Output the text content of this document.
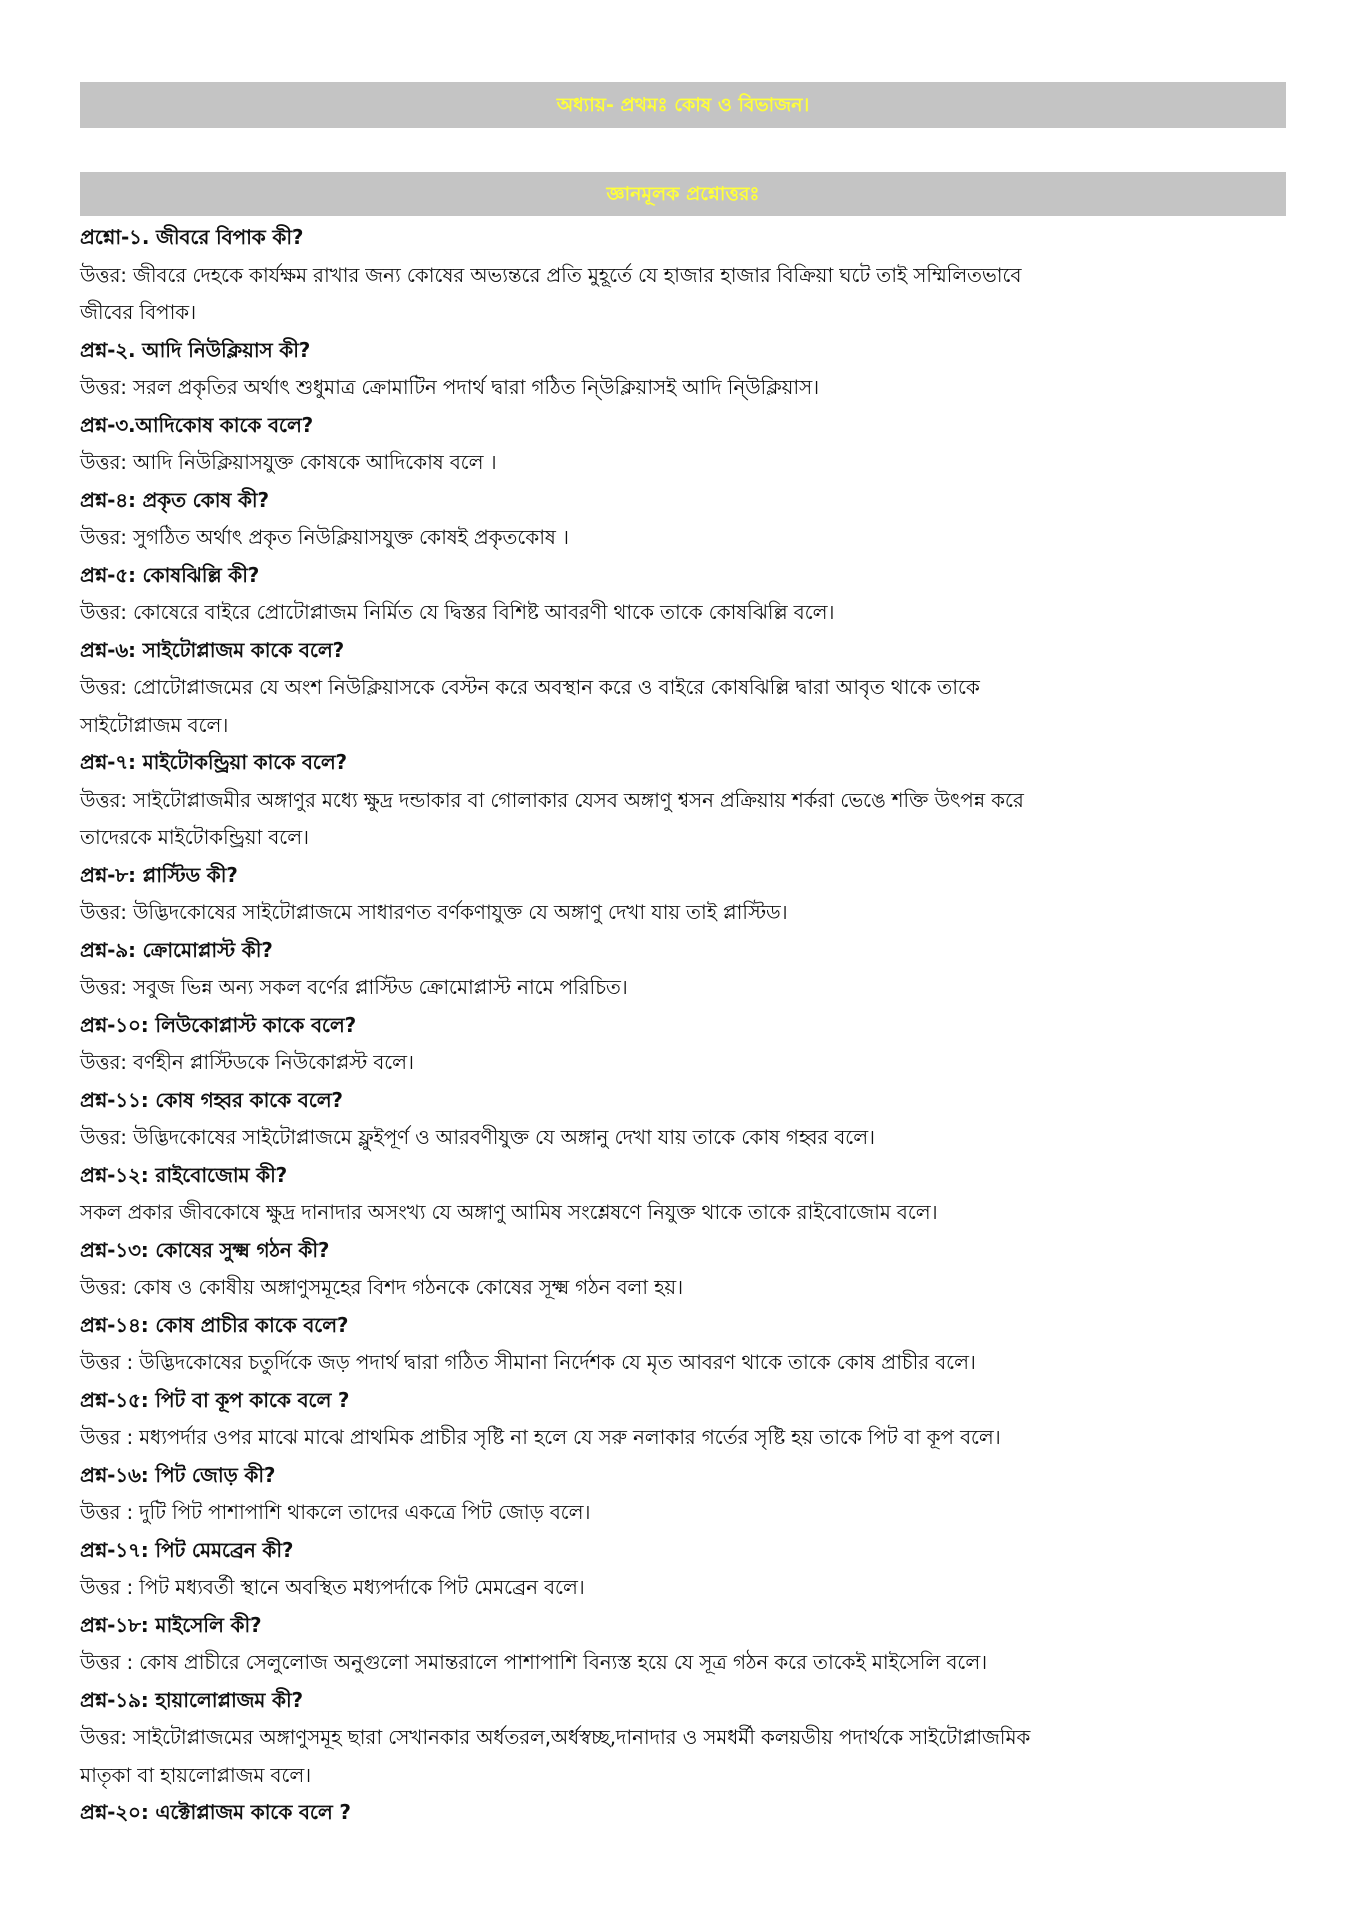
অধ্যায়- প্রথমঃ কোষ ও বিভাজন।
জ্ঞানমূলক প্রশ্নোত্তরঃ
প্রশ্নো-১. জীবরে বিপাক কী?
উত্তর: জীবরে দেহকে কার্যক্ষম রাখার জন্য কোষের অভ্যন্তরে প্রতি মুহূর্তে যে হাজার হাজার বিক্রিয়া ঘটে তাই সম্মিলিতভাবে
জীবের বিপাক।
প্রশ্ন-২. আদি নিউক্লিয়াস কী?
উত্তর: সরল প্রকৃতির অর্থাৎ শুধুমাত্র ক্রোমাটিন পদার্থ দ্বারা গঠিত নি্উক্লিয়াসই আদি নি্উক্লিয়াস।
প্রশ্ন-৩.আদিকোষ কাকে বলে?
উত্তর: আদি নিউক্লিয়াসযুক্ত কোষকে আদিকোষ বলে ।
প্রশ্ন-৪: প্রকৃত কোষ কী?
উত্তর: সুগঠিত অর্থাৎ প্রকৃত নিউক্লিয়াসযুক্ত কোষই প্রকৃতকোষ ।
প্রশ্ন-৫: কোষঝিল্লি কী?
উত্তর: কোষেরে বাইরে প্রোটোপ্লাজম নির্মিত যে দ্বিস্তর বিশিষ্ট আবরণী থাকে তাকে কোষঝিল্লি বলে।
প্রশ্ন-৬: সাইটোপ্লাজম কাকে বলে?
উত্তর: প্রোটোপ্লাজমের যে অংশ নিউক্লিয়াসকে বেস্টন করে অবস্থান করে ও বাইরে কোষঝিল্লি দ্বারা আবৃত থাকে তাকে
সাইটোপ্লাজম বলে।
প্রশ্ন-৭: মাইটোকন্ড্রিয়া কাকে বলে?
উত্তর: সাইটোপ্লাজমীর অঙ্গাণুর মধ্যে ক্ষুদ্র দন্ডাকার বা গোলাকার যেসব অঙ্গাণু শ্বসন প্রক্রিয়ায় শর্করা ভেঙে শক্তি উৎপন্ন করে
তাদেরকে মাইটোকন্ড্রিয়া বলে।
প্রশ্ন-৮: প্লাস্টিড কী?
উত্তর: উদ্ভিদকোষের সাইটোপ্লাজমে সাধারণত বর্ণকণাযুক্ত যে অঙ্গাণু দেখা যায় তাই প্লাস্টিড।
প্রশ্ন-৯: ক্রোমোপ্লাস্ট কী?
উত্তর: সবুজ ভিন্ন অন্য সকল বর্ণের প্লাস্টিড ক্রোমোপ্লাস্ট নামে পরিচিত।
প্রশ্ন-১০: লিউকোপ্লাস্ট কাকে বলে?
উত্তর: বর্ণহীন প্লাস্টিডকে নিউকোপ্লস্ট বলে।
প্রশ্ন-১১: কোষ গহ্বর কাকে বলে?
উত্তর: উদ্ভিদকোষের সাইটোপ্লাজমে ফ্লুইপূর্ণ ও আরবণীযুক্ত যে অঙ্গানু দেখা যায় তাকে কোষ গহ্বর বলে।
প্রশ্ন-১২: রাইবোজোম কী?
সকল প্রকার জীবকোষে ক্ষুদ্র দানাদার অসংখ্য যে অঙ্গাণু আমিষ সংশ্লেষণে নিযুক্ত থাকে তাকে রাইবোজোম বলে।
প্রশ্ন-১৩: কোষের সুক্ষ্ম গঠন কী?
উত্তর: কোষ ও কোষীয় অঙ্গাণুসমূহের বিশদ গঠনকে কোষের সূক্ষ্ম গঠন বলা হয়।
প্রশ্ন-১৪: কোষ প্রাচীর কাকে বলে?
উত্তর : উদ্ভিদকোষের চতুর্দিকে জড় পদার্থ দ্বারা গঠিত সীমানা নির্দেশক যে মৃত আবরণ থাকে তাকে কোষ প্রাচীর বলে।
প্রশ্ন-১৫: পিট বা কূপ কাকে বলে ?
উত্তর : মধ্যপর্দার ওপর মাঝে মাঝে প্রাথমিক প্রাচীর সৃষ্টি না হলে যে সরু নলাকার গর্তের সৃষ্টি হয় তাকে পিট বা কূপ বলে।
প্রশ্ন-১৬: পিট জোড় কী?
উত্তর : দুটি পিট পাশাপাশি থাকলে তাদের একত্রে পিট জোড় বলে।
প্রশ্ন-১৭: পিট মেমব্রেন কী?
উত্তর : পিট মধ্যবর্তী স্থানে অবস্থিত মধ্যপর্দাকে পিট মেমব্রেন বলে।
প্রশ্ন-১৮: মাইসেলি কী?
উত্তর : কোষ প্রাচীরে সেলুলোজ অনুগুলো সমান্তরালে পাশাপাশি বিন্যস্ত হয়ে যে সূত্র গঠন করে তাকেই মাইসেলি বলে।
প্রশ্ন-১৯: হায়ালোপ্লাজম কী?
উত্তর: সাইটোপ্লাজমের অঙ্গাণুসমূহ ছারা সেখানকার অর্ধতরল,অর্ধস্বচ্ছ,দানাদার ও সমধর্মী কলয়ডীয় পদার্থকে সাইটোপ্লাজমিক
মাতৃকা বা হায়লোপ্লাজম বলে।
প্রশ্ন-২০: এক্টোপ্লাজম কাকে বলে ?
